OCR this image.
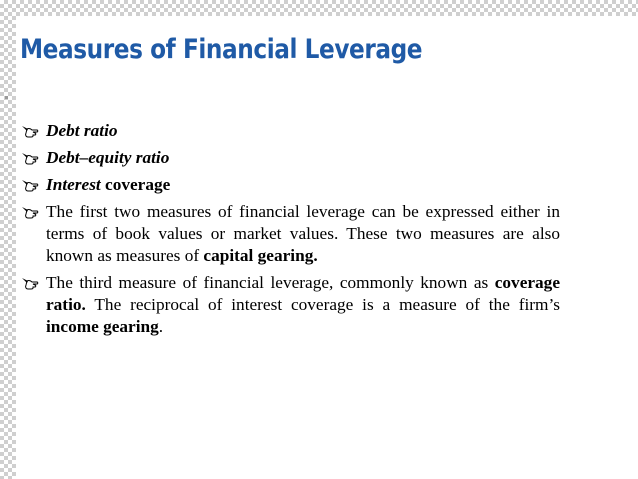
Measures of Financial Leverage
Debt ratio
Debt–equity ratio
Interest coverage
The first two measures of financial leverage can be expressed either in terms of book values or market values. These two measures are also known as measures of capital gearing.
The third measure of financial leverage, commonly known as coverage ratio. The reciprocal of interest coverage is a measure of the firm’s income gearing.
